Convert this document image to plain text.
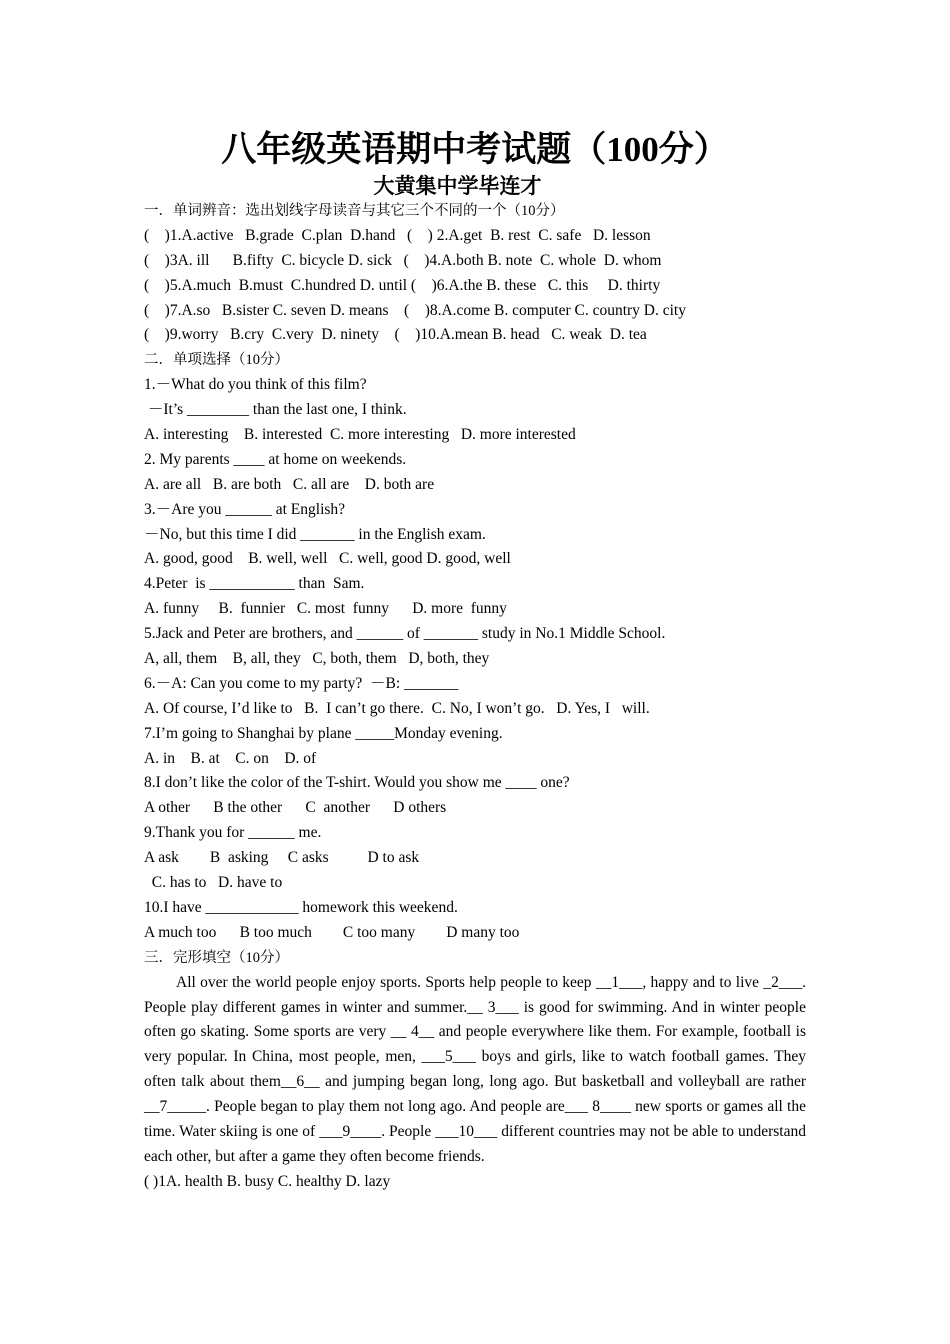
八年级英语期中考试题（100分）
大黄集中学毕连才
一．单词辨音：选出划线字母读音与其它三个不同的一个（10分）
(    )1.A.active   B.grade  C.plan  D.hand   (    ) 2.A.get  B. rest  C. safe   D. lesson
(    )3A. ill      B.fifty  C. bicycle D. sick   (    )4.A.both B. note  C. whole  D. whom
(    )5.A.much  B.must  C.hundred D. until (    )6.A.the B. these   C. this     D. thirty
(    )7.A.so   B.sister C. seven D. means    (    )8.A.come B. computer C. country D. city
(    )9.worry   B.cry  C.very  D. ninety    (    )10.A.mean B. head   C. weak  D. tea
二．单项选择（10分）
1.－What do you think of this film?
－It’s ________ than the last one, I think.
A. interesting    B. interested  C. more interesting   D. more interested
2. My parents ____ at home on weekends.
A. are all   B. are both   C. all are    D. both are
3.－Are you ______ at English?
－No, but this time I did _______ in the English exam.
A. good, good    B. well, well   C. well, good D. good, well
4.Peter  is ___________ than  Sam.
A. funny     B.  funnier   C. most  funny      D. more  funny
5.Jack and Peter are brothers, and ______ of _______ study in No.1 Middle School.
A, all, them    B, all, they   C, both, them   D, both, they
6.－A: Can you come to my party?  －B: _______
A. Of course, I’d like to   B.  I can’t go there.  C. No, I won’t go.   D. Yes, I   will.
7.I’m going to Shanghai by plane _____Monday evening.
A. in    B. at    C. on    D. of
8.I don’t like the color of the T-shirt. Would you show me ____ one?
A other      B the other      C  another      D others
9.Thank you for ______ me.
A ask        B  asking     C asks          D to ask
C. has to   D. have to
10.I have ____________ homework this weekend.
A much too      B too much        C too many        D many too
三．完形填空（10分）
All over the world people enjoy sports. Sports help people to keep __1___, happy and to live _2___. People play different games in winter and summer.__ 3___ is good for swimming. And in winter people often go skating. Some sports are very __ 4__ and people everywhere like them. For example, football is very popular. In China, most people, men, ___5___ boys and girls, like to watch football games. They often talk about them__6__ and jumping began long, long ago. But basketball and volleyball are rather __7_____. People began to play them not long ago. And people are___ 8____ new sports or games all the time. Water skiing is one of ___9____. People ___10___ different countries may not be able to understand each other, but after a game they often become friends.
( )1A. health B. busy C. healthy D. lazy
